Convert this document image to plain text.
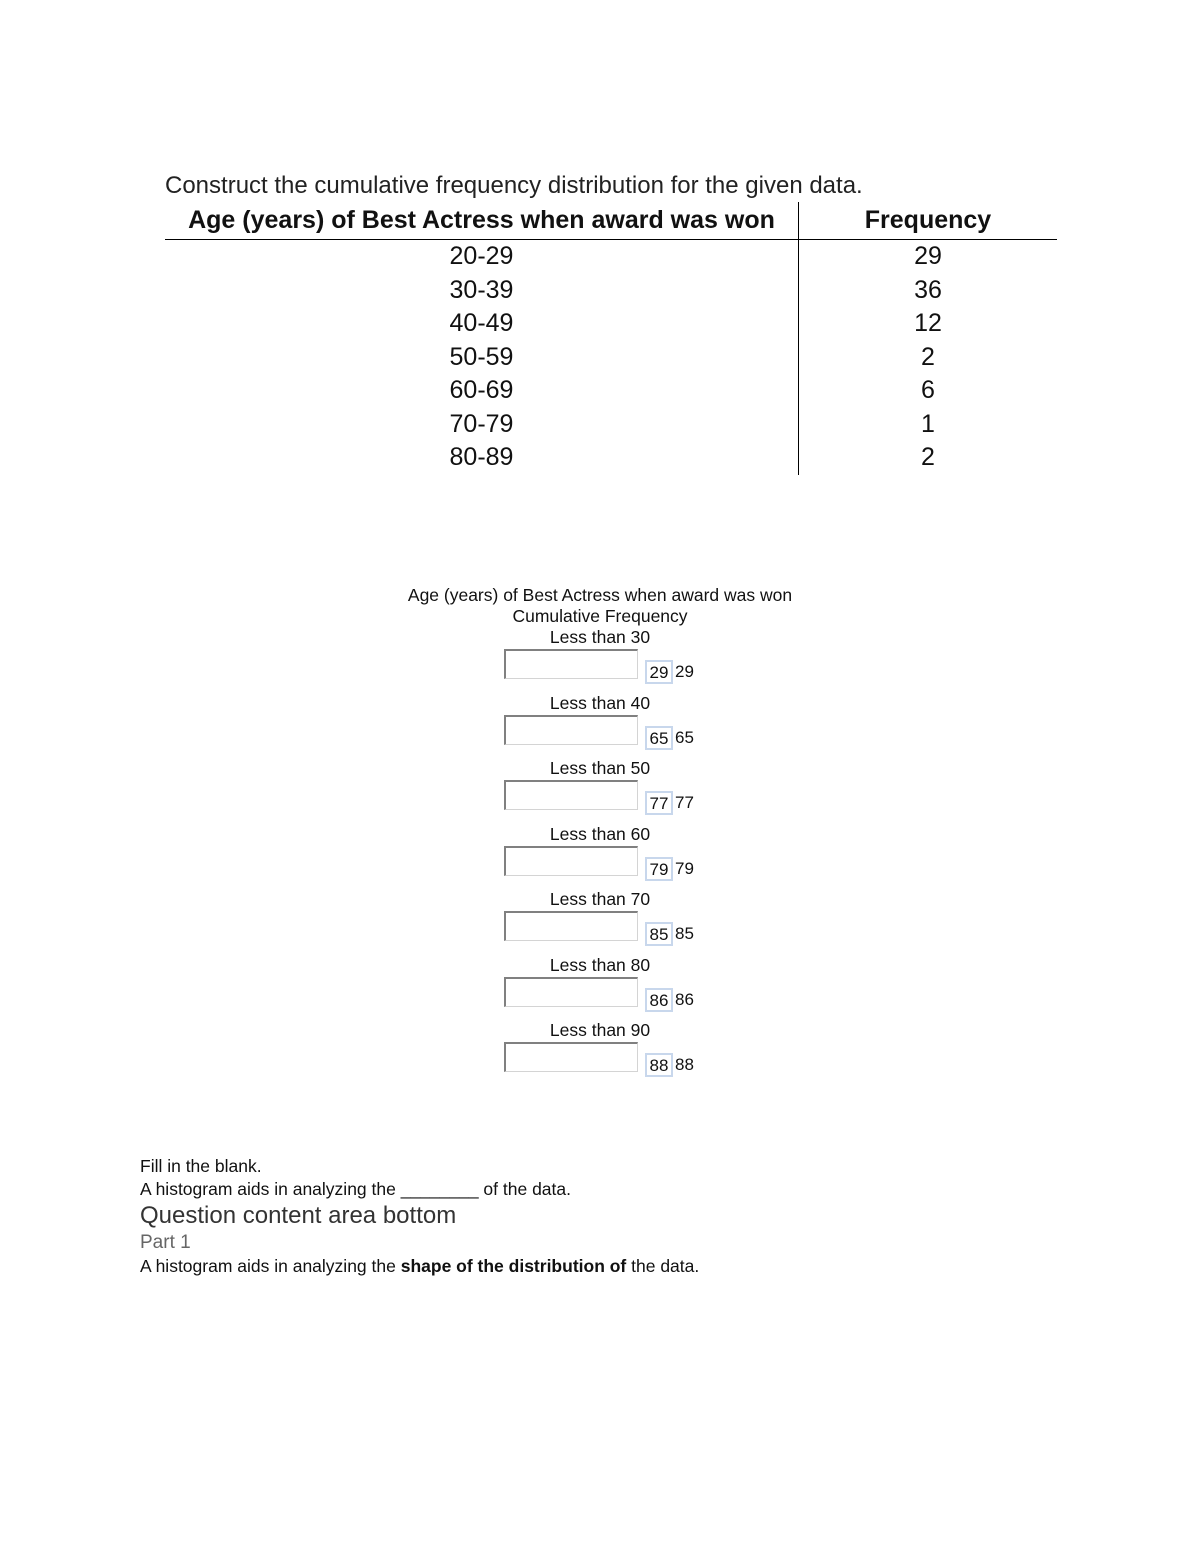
Construct the cumulative frequency distribution for the given data.
Age (years) of Best Actress when award was won	Frequency
20-29	29
30-39	36
40-49	12
50-59	2
60-69	6
70-79	1
80-89	2

Age (years) of Best Actress when award was won

Cumulative Frequency

Less than 30
29 29
Less than 40
65 65
Less than 50
77 77
Less than 60
79 79
Less than 70
85 85
Less than 80
86 86
Less than 90
88 88

Fill in the blank.

A histogram aids in analyzing the ________ of the data.

Question content area bottom

Part 1

A histogram aids in analyzing the shape of the distribution of the data.
